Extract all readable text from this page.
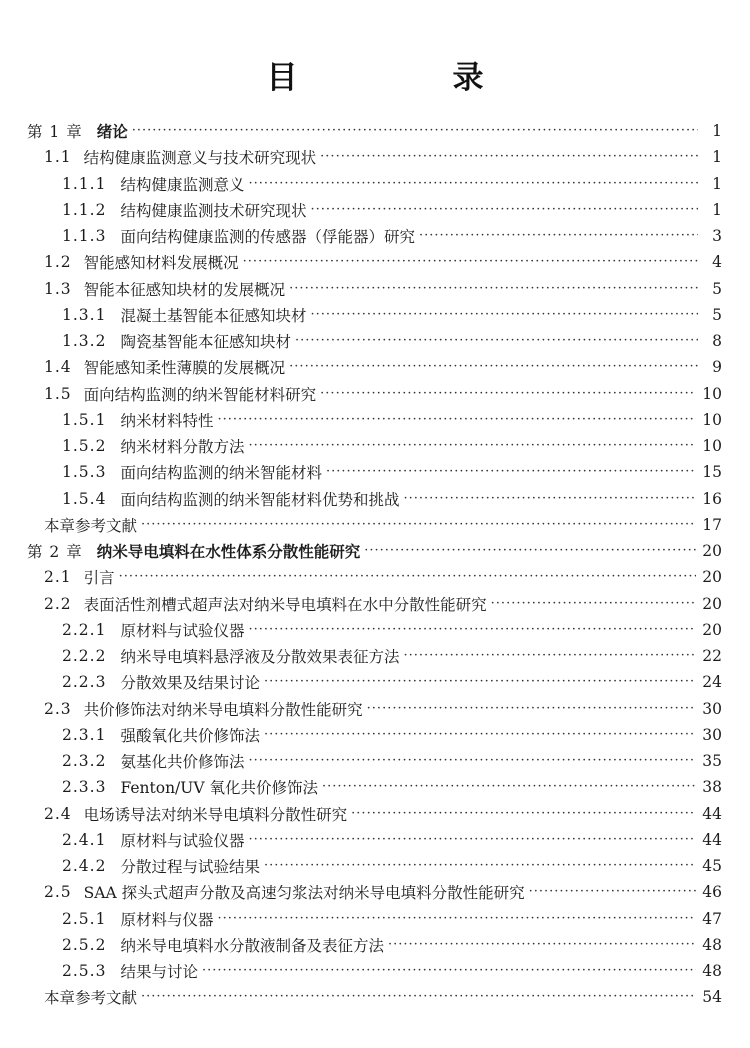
目　录
第 1 章 绪论 ·····	1
1.1 结构健康监测意义与技术研究现状 ·····	1
1.1.1 结构健康监测意义 ·····	1
1.1.2 结构健康监测技术研究现状 ·····	1
1.1.3 面向结构健康监测的传感器（俘能器）研究 ·····	3
1.2 智能感知材料发展概况 ·····	4
1.3 智能本征感知块材的发展概况 ·····	5
1.3.1 混凝土基智能本征感知块材 ·····	5
1.3.2 陶瓷基智能本征感知块材 ·····	8
1.4 智能感知柔性薄膜的发展概况 ·····	9
1.5 面向结构监测的纳米智能材料研究 ·····	10
1.5.1 纳米材料特性 ·····	10
1.5.2 纳米材料分散方法 ·····	10
1.5.3 面向结构监测的纳米智能材料 ·····	15
1.5.4 面向结构监测的纳米智能材料优势和挑战 ·····	16
本章参考文献 ·····	17
第 2 章 纳米导电填料在水性体系分散性能研究 ·····	20
2.1 引言 ·····	20
2.2 表面活性剂槽式超声法对纳米导电填料在水中分散性能研究 ·····	20
2.2.1 原材料与试验仪器 ·····	20
2.2.2 纳米导电填料悬浮液及分散效果表征方法 ·····	22
2.2.3 分散效果及结果讨论 ·····	24
2.3 共价修饰法对纳米导电填料分散性能研究 ·····	30
2.3.1 强酸氧化共价修饰法 ·····	30
2.3.2 氨基化共价修饰法 ·····	35
2.3.3 Fenton/UV 氧化共价修饰法 ·····	38
2.4 电场诱导法对纳米导电填料分散性研究 ·····	44
2.4.1 原材料与试验仪器 ·····	44
2.4.2 分散过程与试验结果 ·····	45
2.5 SAA 探头式超声分散及高速匀浆法对纳米导电填料分散性能研究 ·····	46
2.5.1 原材料与仪器 ·····	47
2.5.2 纳米导电填料水分散液制备及表征方法 ·····	48
2.5.3 结果与讨论 ·····	48
本章参考文献 ·····	54
